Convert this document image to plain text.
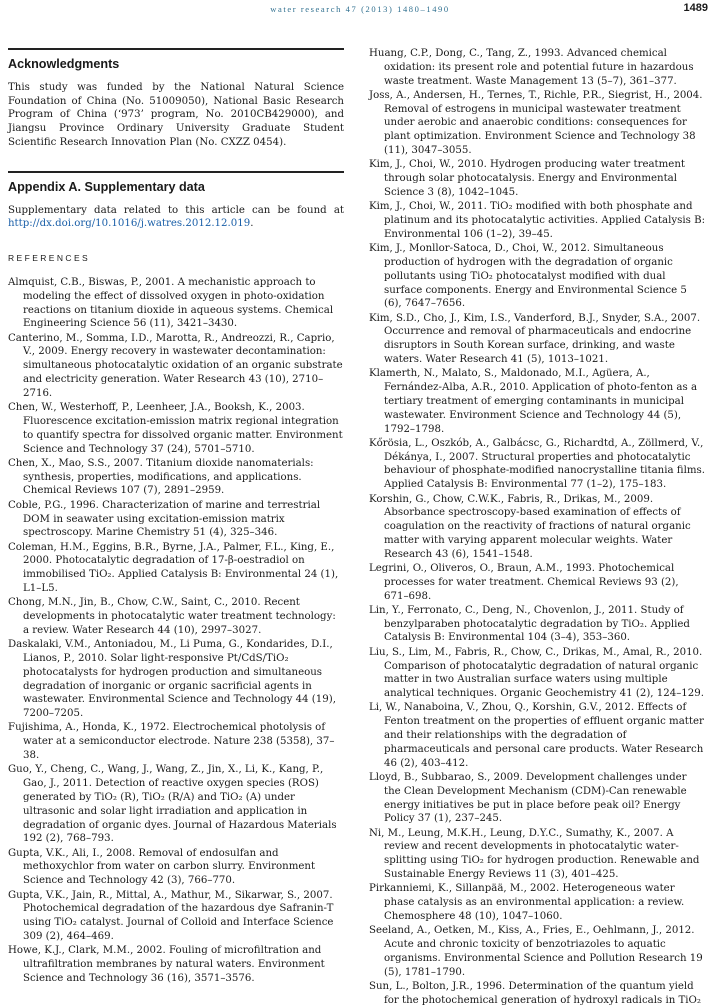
water research 47 (2013) 1480–1490	1489
Acknowledgments

This study was funded by the National Natural Science Foundation of China (No. 51009050), National Basic Research Program of China (‘973’ program, No. 2010CB429000), and Jiangsu Province Ordinary University Graduate Student Scientific Research Innovation Plan (No. CXZZ 0454).

Appendix A. Supplementary data

Supplementary data related to this article can be found at http://dx.doi.org/10.1016/j.watres.2012.12.019.

REFERENCES
Almquist, C.B., Biswas, P., 2001. A mechanistic approach to modeling the effect of dissolved oxygen in photo-oxidation reactions on titanium dioxide in aqueous systems. Chemical Engineering Science 56 (11), 3421–3430.
Canterino, M., Somma, I.D., Marotta, R., Andreozzi, R., Caprio, V., 2009. Energy recovery in wastewater decontamination: simultaneous photocatalytic oxidation of an organic substrate and electricity generation. Water Research 43 (10), 2710–2716.
Chen, W., Westerhoff, P., Leenheer, J.A., Booksh, K., 2003. Fluorescence excitation-emission matrix regional integration to quantify spectra for dissolved organic matter. Environment Science and Technology 37 (24), 5701–5710.
Chen, X., Mao, S.S., 2007. Titanium dioxide nanomaterials: synthesis, properties, modifications, and applications. Chemical Reviews 107 (7), 2891–2959.
Coble, P.G., 1996. Characterization of marine and terrestrial DOM in seawater using excitation-emission matrix spectroscopy. Marine Chemistry 51 (4), 325–346.
Coleman, H.M., Eggins, B.R., Byrne, J.A., Palmer, F.L., King, E., 2000. Photocatalytic degradation of 17-β-oestradiol on immobilised TiO₂. Applied Catalysis B: Environmental 24 (1), L1–L5.
Chong, M.N., Jin, B., Chow, C.W., Saint, C., 2010. Recent developments in photocatalytic water treatment technology: a review. Water Research 44 (10), 2997–3027.
Daskalaki, V.M., Antoniadou, M., Li Puma, G., Kondarides, D.I., Lianos, P., 2010. Solar light-responsive Pt/CdS/TiO₂ photocatalysts for hydrogen production and simultaneous degradation of inorganic or organic sacrificial agents in wastewater. Environmental Science and Technology 44 (19), 7200–7205.
Fujishima, A., Honda, K., 1972. Electrochemical photolysis of water at a semiconductor electrode. Nature 238 (5358), 37–38.
Guo, Y., Cheng, C., Wang, J., Wang, Z., Jin, X., Li, K., Kang, P., Gao, J., 2011. Detection of reactive oxygen species (ROS) generated by TiO₂ (R), TiO₂ (R/A) and TiO₂ (A) under ultrasonic and solar light irradiation and application in degradation of organic dyes. Journal of Hazardous Materials 192 (2), 768–793.
Gupta, V.K., Ali, I., 2008. Removal of endosulfan and methoxychlor from water on carbon slurry. Environment Science and Technology 42 (3), 766–770.
Gupta, V.K., Jain, R., Mittal, A., Mathur, M., Sikarwar, S., 2007. Photochemical degradation of the hazardous dye Safranin-T using TiO₂ catalyst. Journal of Colloid and Interface Science 309 (2), 464–469.
Howe, K.J., Clark, M.M., 2002. Fouling of microfiltration and ultrafiltration membranes by natural waters. Environment Science and Technology 36 (16), 3571–3576.
Huang, C.P., Dong, C., Tang, Z., 1993. Advanced chemical oxidation: its present role and potential future in hazardous waste treatment. Waste Management 13 (5–7), 361–377.
Joss, A., Andersen, H., Ternes, T., Richle, P.R., Siegrist, H., 2004. Removal of estrogens in municipal wastewater treatment under aerobic and anaerobic conditions: consequences for plant optimization. Environment Science and Technology 38 (11), 3047–3055.
Kim, J., Choi, W., 2010. Hydrogen producing water treatment through solar photocatalysis. Energy and Environmental Science 3 (8), 1042–1045.
Kim, J., Choi, W., 2011. TiO₂ modified with both phosphate and platinum and its photocatalytic activities. Applied Catalysis B: Environmental 106 (1–2), 39–45.
Kim, J., Monllor-Satoca, D., Choi, W., 2012. Simultaneous production of hydrogen with the degradation of organic pollutants using TiO₂ photocatalyst modified with dual surface components. Energy and Environmental Science 5 (6), 7647–7656.
Kim, S.D., Cho, J., Kim, I.S., Vanderford, B.J., Snyder, S.A., 2007. Occurrence and removal of pharmaceuticals and endocrine disruptors in South Korean surface, drinking, and waste waters. Water Research 41 (5), 1013–1021.
Klamerth, N., Malato, S., Maldonado, M.I., Agüera, A., Fernández-Alba, A.R., 2010. Application of photo-fenton as a tertiary treatment of emerging contaminants in municipal wastewater. Environment Science and Technology 44 (5), 1792–1798.
Kőrösia, L., Oszkób, A., Galbácsc, G., Richardtd, A., Zöllmerd, V., Dékánya, I., 2007. Structural properties and photocatalytic behaviour of phosphate-modified nanocrystalline titania films. Applied Catalysis B: Environmental 77 (1–2), 175–183.
Korshin, G., Chow, C.W.K., Fabris, R., Drikas, M., 2009. Absorbance spectroscopy-based examination of effects of coagulation on the reactivity of fractions of natural organic matter with varying apparent molecular weights. Water Research 43 (6), 1541–1548.
Legrini, O., Oliveros, O., Braun, A.M., 1993. Photochemical processes for water treatment. Chemical Reviews 93 (2), 671–698.
Lin, Y., Ferronato, C., Deng, N., Chovenlon, J., 2011. Study of benzylparaben photocatalytic degradation by TiO₂. Applied Catalysis B: Environmental 104 (3–4), 353–360.
Liu, S., Lim, M., Fabris, R., Chow, C., Drikas, M., Amal, R., 2010. Comparison of photocatalytic degradation of natural organic matter in two Australian surface waters using multiple analytical techniques. Organic Geochemistry 41 (2), 124–129.
Li, W., Nanaboina, V., Zhou, Q., Korshin, G.V., 2012. Effects of Fenton treatment on the properties of effluent organic matter and their relationships with the degradation of pharmaceuticals and personal care products. Water Research 46 (2), 403–412.
Lloyd, B., Subbarao, S., 2009. Development challenges under the Clean Development Mechanism (CDM)-Can renewable energy initiatives be put in place before peak oil? Energy Policy 37 (1), 237–245.
Ni, M., Leung, M.K.H., Leung, D.Y.C., Sumathy, K., 2007. A review and recent developments in photocatalytic water-splitting using TiO₂ for hydrogen production. Renewable and Sustainable Energy Reviews 11 (3), 401–425.
Pirkanniemi, K., Sillanpää, M., 2002. Heterogeneous water phase catalysis as an environmental application: a review. Chemosphere 48 (10), 1047–1060.
Seeland, A., Oetken, M., Kiss, A., Fries, E., Oehlmann, J., 2012. Acute and chronic toxicity of benzotriazoles to aquatic organisms. Environmental Science and Pollution Research 19 (5), 1781–1790.
Sun, L., Bolton, J.R., 1996. Determination of the quantum yield for the photochemical generation of hydroxyl radicals in TiO₂
